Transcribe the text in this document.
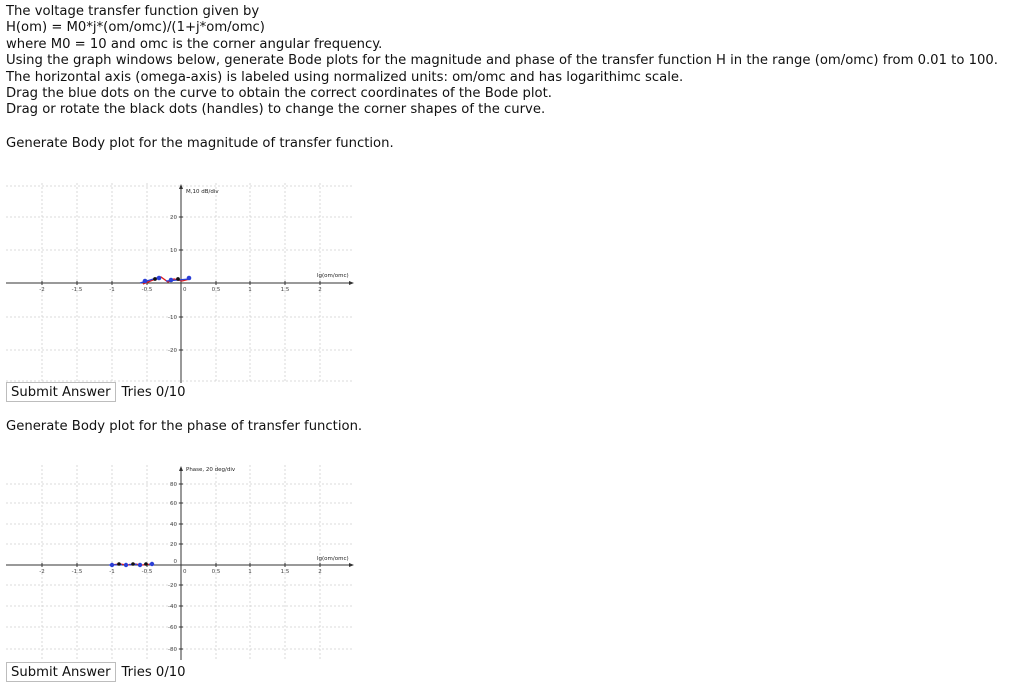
The voltage transfer function given by
H(om) = M0*j*(om/omc)/(1+j*om/omc)
where M0 = 10 and omc is the corner angular frequency.
Using the graph windows below, generate Bode plots for the magnitude and phase of the transfer function H in the range (om/omc) from 0.01 to 100.
The horizontal axis (omega-axis) is labeled using normalized units: om/omc and has logarithimc scale.
Drag the blue dots on the curve to obtain the correct coordinates of the Bode plot.
Drag or rotate the black dots (handles) to change the corner shapes of the curve.
Generate Body plot for the magnitude of transfer function.
-2	-1.5	-1	-0.5	0	0.5	1	1.5	2
20
10
-10
-20
M,10 dB/div
lg(om/omc)
Submit Answer Tries 0/10
Generate Body plot for the phase of transfer function.
-2	-1.5	-1	-0.5	0	0.5	1	1.5	2
80
60
40
20
0
-20
-40
-60
-80
Phase, 20 deg/div
lg(om/omc)
Submit Answer Tries 0/10
